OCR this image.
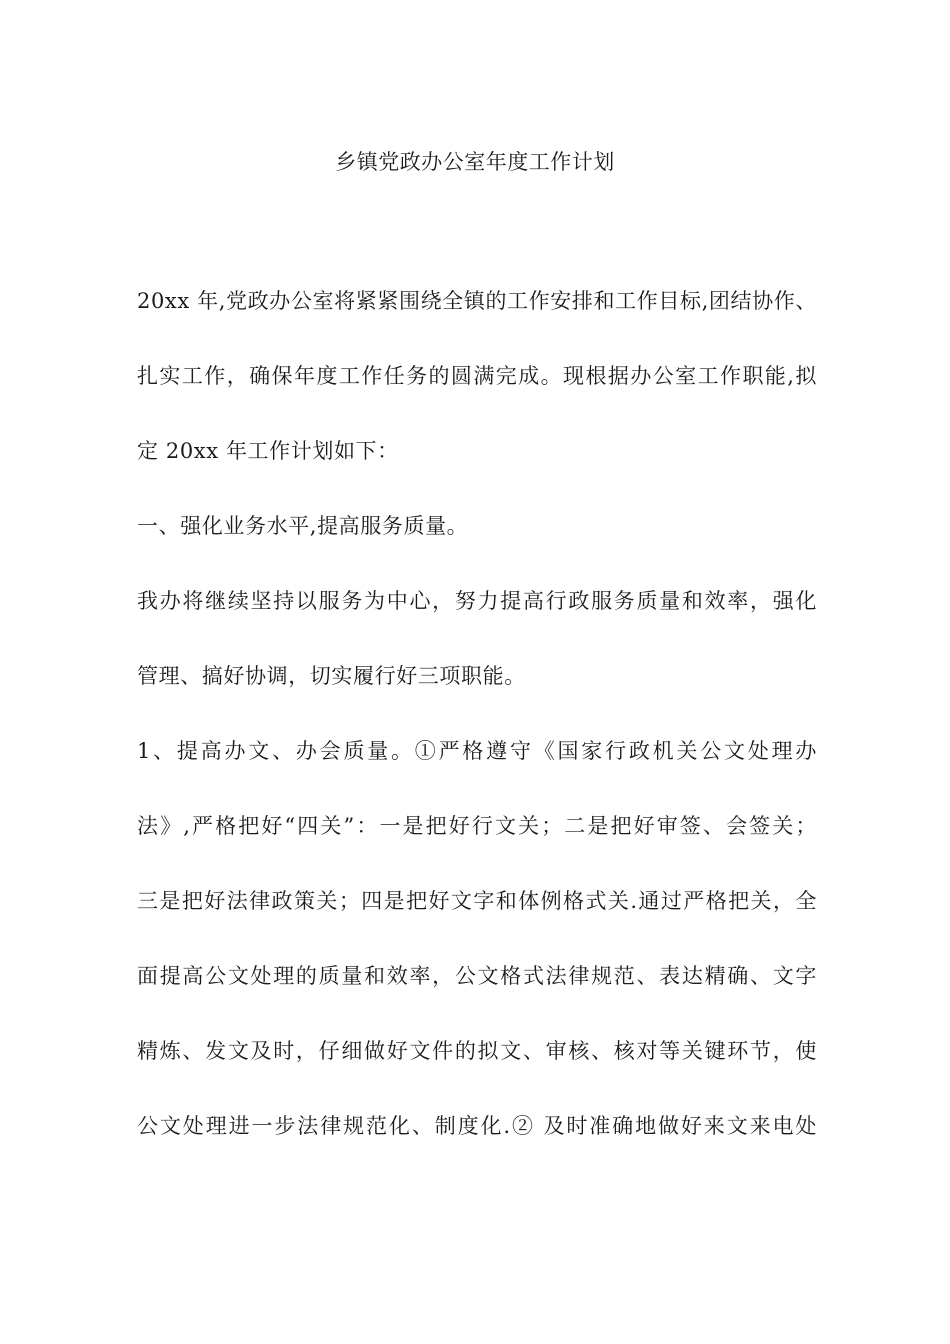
乡镇党政办公室年度工作计划
20xx 年,党政办公室将紧紧围绕全镇的工作安排和工作目标,团结协作、
扎实工作，确保年度工作任务的圆满完成。现根据办公室工作职能,拟
定 20xx 年工作计划如下：
一、强化业务水平,提高服务质量。
我办将继续坚持以服务为中心，努力提高行政服务质量和效率，强化
管理、搞好协调，切实履行好三项职能。
1、提高办文、办会质量。①严格遵守《国家行政机关公文处理办
法》,严格把好“四关”：一是把好行文关；二是把好审签、会签关；
三是把好法律政策关；四是把好文字和体例格式关.通过严格把关，全
面提高公文处理的质量和效率，公文格式法律规范、表达精确、文字
精炼、发文及时，仔细做好文件的拟文、审核、核对等关键环节，使
公文处理进一步法律规范化、制度化.② 及时准确地做好来文来电处
